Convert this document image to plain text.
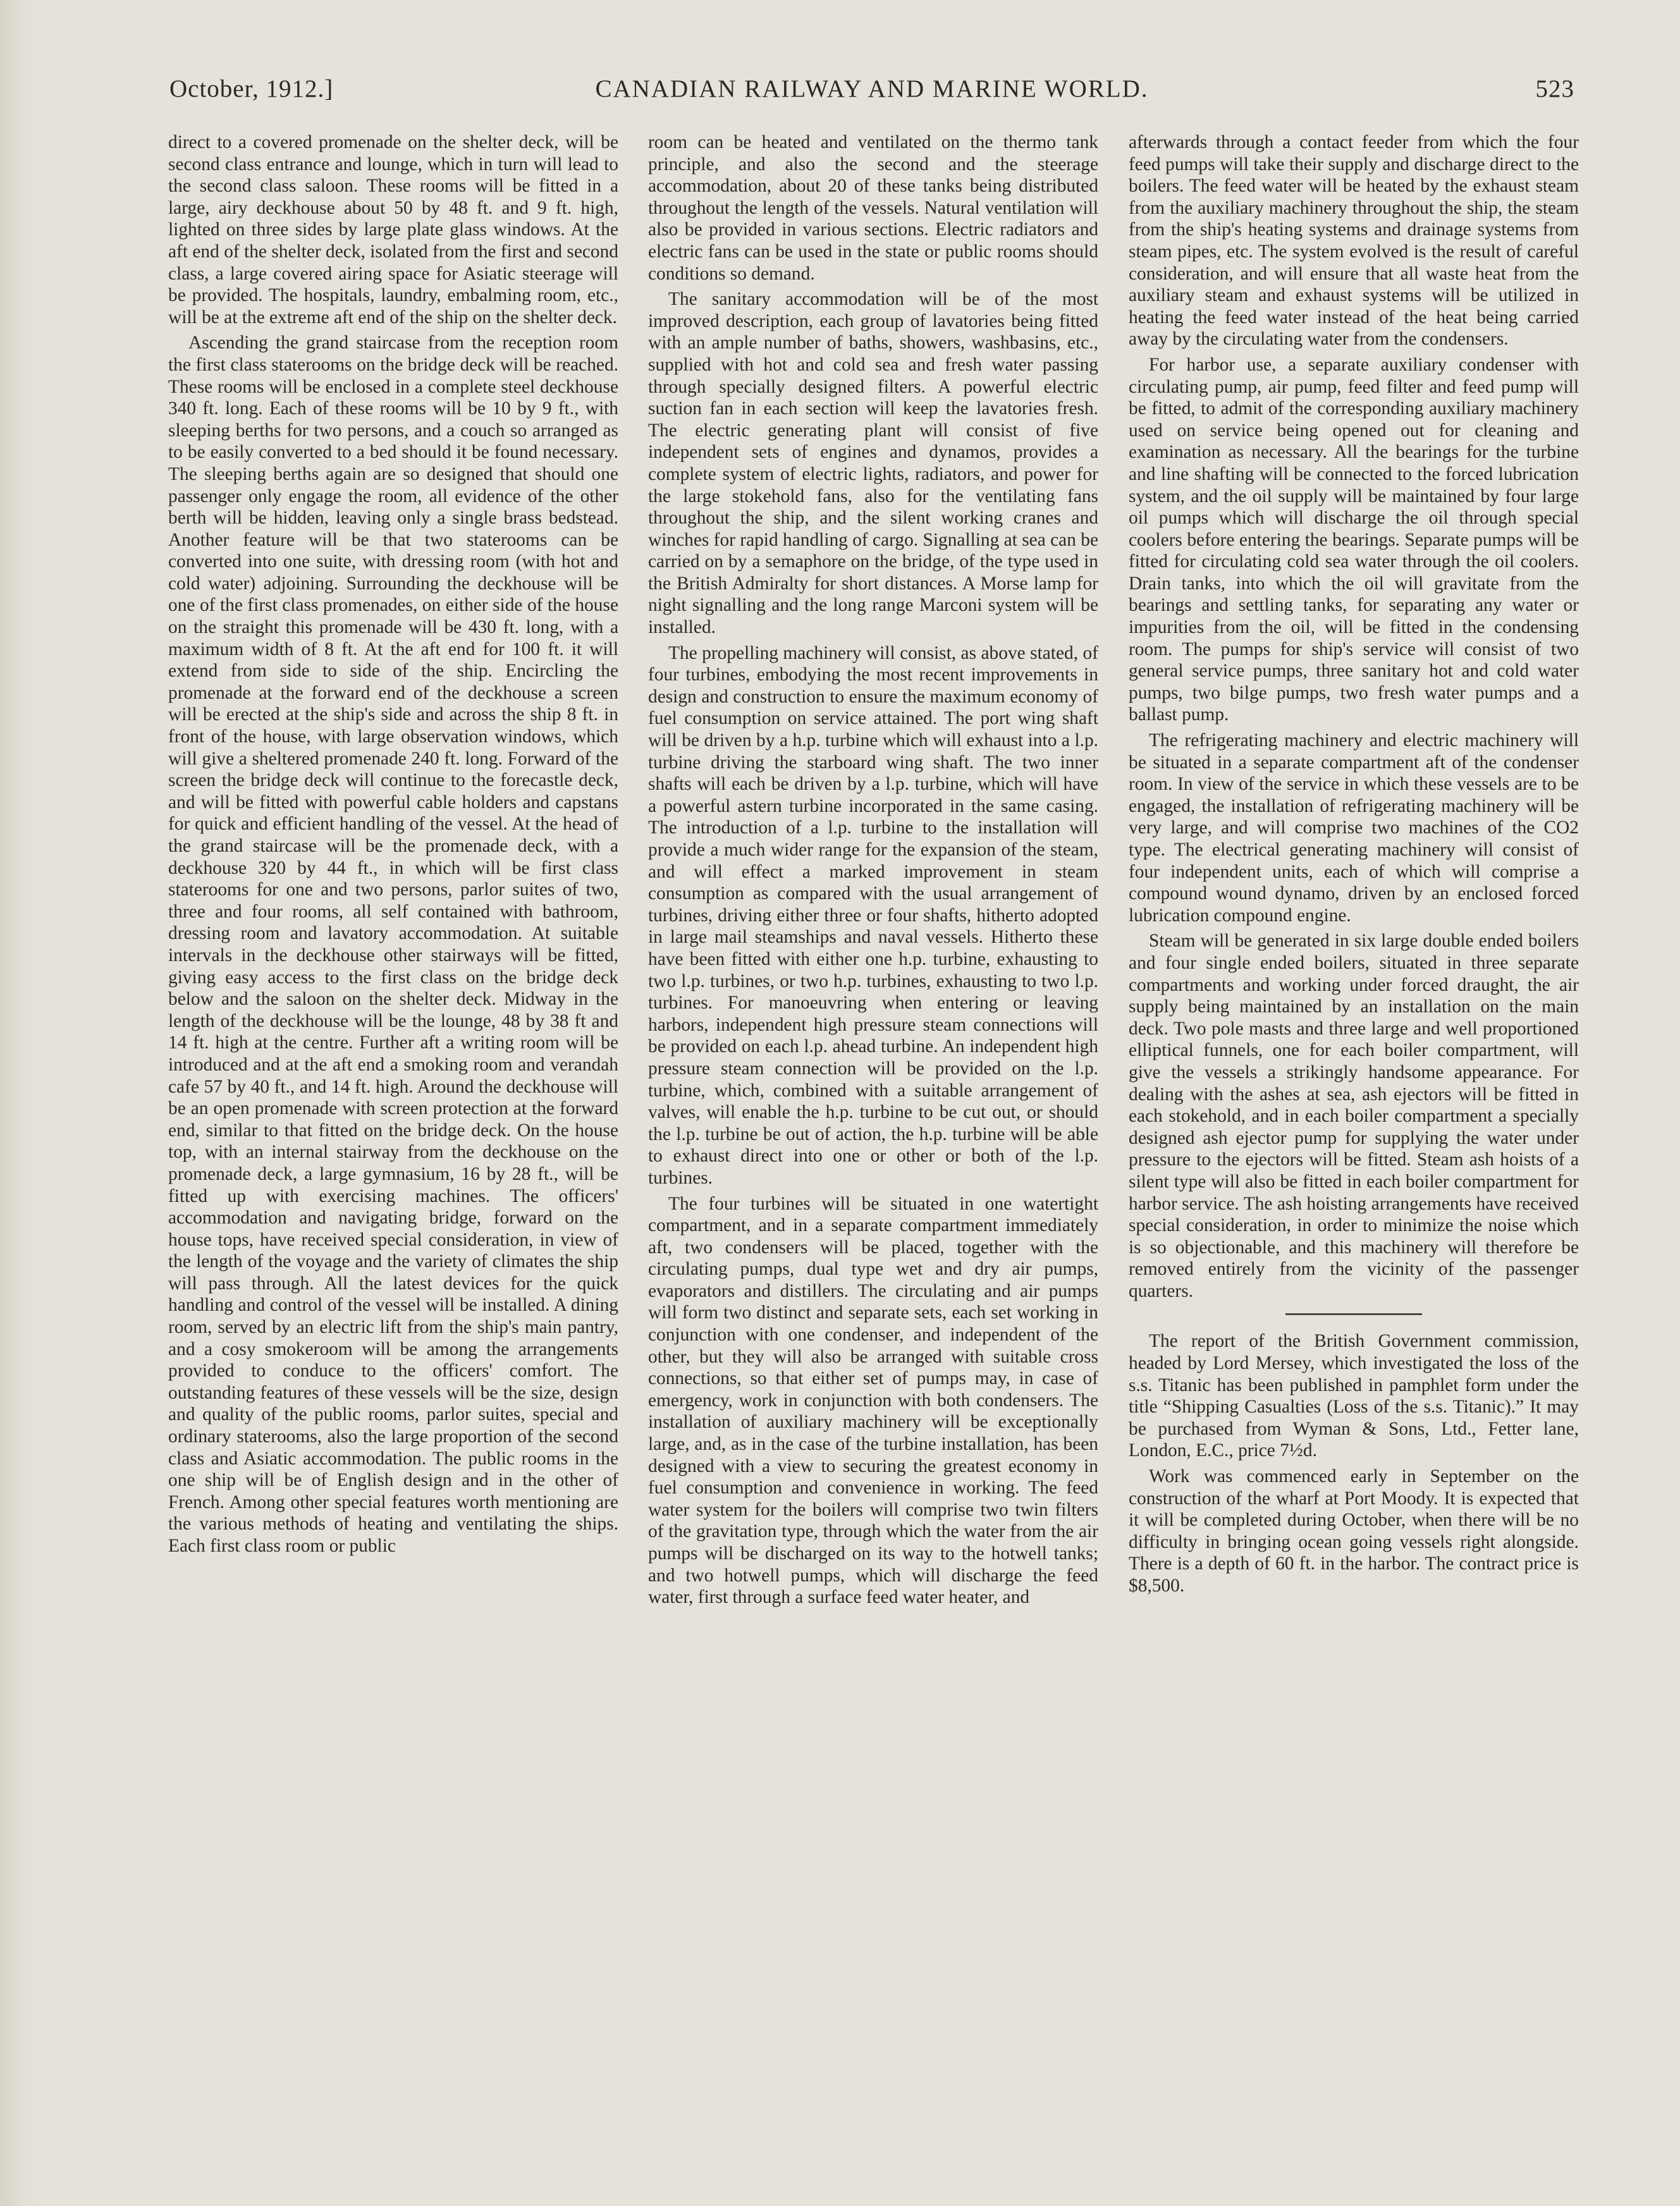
October, 1912.]	CANADIAN RAILWAY AND MARINE WORLD.	523

direct to a covered promenade on the shelter deck, will be second class entrance and lounge, which in turn will lead to the second class saloon. These rooms will be fitted in a large, airy deckhouse about 50 by 48 ft. and 9 ft. high, lighted on three sides by large plate glass windows. At the aft end of the shelter deck, isolated from the first and second class, a large covered airing space for Asiatic steerage will be provided. The hospitals, laundry, embalming room, etc., will be at the extreme aft end of the ship on the shelter deck.

Ascending the grand staircase from the reception room the first class staterooms on the bridge deck will be reached. These rooms will be enclosed in a complete steel deckhouse 340 ft. long. Each of these rooms will be 10 by 9 ft., with sleeping berths for two persons, and a couch so arranged as to be easily converted to a bed should it be found necessary. The sleeping berths again are so designed that should one passenger only engage the room, all evidence of the other berth will be hidden, leaving only a single brass bedstead. Another feature will be that two staterooms can be converted into one suite, with dressing room (with hot and cold water) adjoining. Surrounding the deckhouse will be one of the first class promenades, on either side of the house on the straight this promenade will be 430 ft. long, with a maximum width of 8 ft. At the aft end for 100 ft. it will extend from side to side of the ship. Encircling the promenade at the forward end of the deckhouse a screen will be erected at the ship's side and across the ship 8 ft. in front of the house, with large observation windows, which will give a sheltered promenade 240 ft. long. Forward of the screen the bridge deck will continue to the forecastle deck, and will be fitted with powerful cable holders and capstans for quick and efficient handling of the vessel. At the head of the grand staircase will be the promenade deck, with a deckhouse 320 by 44 ft., in which will be first class staterooms for one and two persons, parlor suites of two, three and four rooms, all self contained with bathroom, dressing room and lavatory accommodation. At suitable intervals in the deckhouse other stairways will be fitted, giving easy access to the first class on the bridge deck below and the saloon on the shelter deck. Midway in the length of the deckhouse will be the lounge, 48 by 38 ft and 14 ft. high at the centre. Further aft a writing room will be introduced and at the aft end a smoking room and verandah cafe 57 by 40 ft., and 14 ft. high. Around the deckhouse will be an open promenade with screen protection at the forward end, similar to that fitted on the bridge deck. On the house top, with an internal stairway from the deckhouse on the promenade deck, a large gymnasium, 16 by 28 ft., will be fitted up with exercising machines. The officers' accommodation and navigating bridge, forward on the house tops, have received special consideration, in view of the length of the voyage and the variety of climates the ship will pass through. All the latest devices for the quick handling and control of the vessel will be installed. A dining room, served by an electric lift from the ship's main pantry, and a cosy smokeroom will be among the arrangements provided to conduce to the officers' comfort. The outstanding features of these vessels will be the size, design and quality of the public rooms, parlor suites, special and ordinary staterooms, also the large proportion of the second class and Asiatic accommodation. The public rooms in the one ship will be of English design and in the other of French. Among other special features worth mentioning are the various methods of heating and ventilating the ships. Each first class room or public

room can be heated and ventilated on the thermo tank principle, and also the second and the steerage accommodation, about 20 of these tanks being distributed throughout the length of the vessels. Natural ventilation will also be provided in various sections. Electric radiators and electric fans can be used in the state or public rooms should conditions so demand.

The sanitary accommodation will be of the most improved description, each group of lavatories being fitted with an ample number of baths, showers, washbasins, etc., supplied with hot and cold sea and fresh water passing through specially designed filters. A powerful electric suction fan in each section will keep the lavatories fresh. The electric generating plant will consist of five independent sets of engines and dynamos, provides a complete system of electric lights, radiators, and power for the large stokehold fans, also for the ventilating fans throughout the ship, and the silent working cranes and winches for rapid handling of cargo. Signalling at sea can be carried on by a semaphore on the bridge, of the type used in the British Admiralty for short distances. A Morse lamp for night signalling and the long range Marconi system will be installed.

The propelling machinery will consist, as above stated, of four turbines, embodying the most recent improvements in design and construction to ensure the maximum economy of fuel consumption on service attained. The port wing shaft will be driven by a h.p. turbine which will exhaust into a l.p. turbine driving the starboard wing shaft. The two inner shafts will each be driven by a l.p. turbine, which will have a powerful astern turbine incorporated in the same casing. The introduction of a l.p. turbine to the installation will provide a much wider range for the expansion of the steam, and will effect a marked improvement in steam consumption as compared with the usual arrangement of turbines, driving either three or four shafts, hitherto adopted in large mail steamships and naval vessels. Hitherto these have been fitted with either one h.p. turbine, exhausting to two l.p. turbines, or two h.p. turbines, exhausting to two l.p. turbines. For manoeuvring when entering or leaving harbors, independent high pressure steam connections will be provided on each l.p. ahead turbine. An independent high pressure steam connection will be provided on the l.p. turbine, which, combined with a suitable arrangement of valves, will enable the h.p. turbine to be cut out, or should the l.p. turbine be out of action, the h.p. turbine will be able to exhaust direct into one or other or both of the l.p. turbines.

The four turbines will be situated in one watertight compartment, and in a separate compartment immediately aft, two condensers will be placed, together with the circulating pumps, dual type wet and dry air pumps, evaporators and distillers. The circulating and air pumps will form two distinct and separate sets, each set working in conjunction with one condenser, and independent of the other, but they will also be arranged with suitable cross connections, so that either set of pumps may, in case of emergency, work in conjunction with both condensers. The installation of auxiliary machinery will be exceptionally large, and, as in the case of the turbine installation, has been designed with a view to securing the greatest economy in fuel consumption and convenience in working. The feed water system for the boilers will comprise two twin filters of the gravitation type, through which the water from the air pumps will be discharged on its way to the hotwell tanks; and two hotwell pumps, which will discharge the feed water, first through a surface feed water heater, and

afterwards through a contact feeder from which the four feed pumps will take their supply and discharge direct to the boilers. The feed water will be heated by the exhaust steam from the auxiliary machinery throughout the ship, the steam from the ship's heating systems and drainage systems from steam pipes, etc. The system evolved is the result of careful consideration, and will ensure that all waste heat from the auxiliary steam and exhaust systems will be utilized in heating the feed water instead of the heat being carried away by the circulating water from the condensers.

For harbor use, a separate auxiliary condenser with circulating pump, air pump, feed filter and feed pump will be fitted, to admit of the corresponding auxiliary machinery used on service being opened out for cleaning and examination as necessary. All the bearings for the turbine and line shafting will be connected to the forced lubrication system, and the oil supply will be maintained by four large oil pumps which will discharge the oil through special coolers before entering the bearings. Separate pumps will be fitted for circulating cold sea water through the oil coolers. Drain tanks, into which the oil will gravitate from the bearings and settling tanks, for separating any water or impurities from the oil, will be fitted in the condensing room. The pumps for ship's service will consist of two general service pumps, three sanitary hot and cold water pumps, two bilge pumps, two fresh water pumps and a ballast pump.

The refrigerating machinery and electric machinery will be situated in a separate compartment aft of the condenser room. In view of the service in which these vessels are to be engaged, the installation of refrigerating machinery will be very large, and will comprise two machines of the CO2 type. The electrical generating machinery will consist of four independent units, each of which will comprise a compound wound dynamo, driven by an enclosed forced lubrication compound engine.

Steam will be generated in six large double ended boilers and four single ended boilers, situated in three separate compartments and working under forced draught, the air supply being maintained by an installation on the main deck. Two pole masts and three large and well proportioned elliptical funnels, one for each boiler compartment, will give the vessels a strikingly handsome appearance. For dealing with the ashes at sea, ash ejectors will be fitted in each stokehold, and in each boiler compartment a specially designed ash ejector pump for supplying the water under pressure to the ejectors will be fitted. Steam ash hoists of a silent type will also be fitted in each boiler compartment for harbor service. The ash hoisting arrangements have received special consideration, in order to minimize the noise which is so objectionable, and this machinery will therefore be removed entirely from the vicinity of the passenger quarters.

The report of the British Government commission, headed by Lord Mersey, which investigated the loss of the s.s. Titanic has been published in pamphlet form under the title “Shipping Casualties (Loss of the s.s. Titanic).” It may be purchased from Wyman & Sons, Ltd., Fetter lane, London, E.C., price 7½d.

Work was commenced early in September on the construction of the wharf at Port Moody. It is expected that it will be completed during October, when there will be no difficulty in bringing ocean going vessels right alongside. There is a depth of 60 ft. in the harbor. The contract price is $8,500.
